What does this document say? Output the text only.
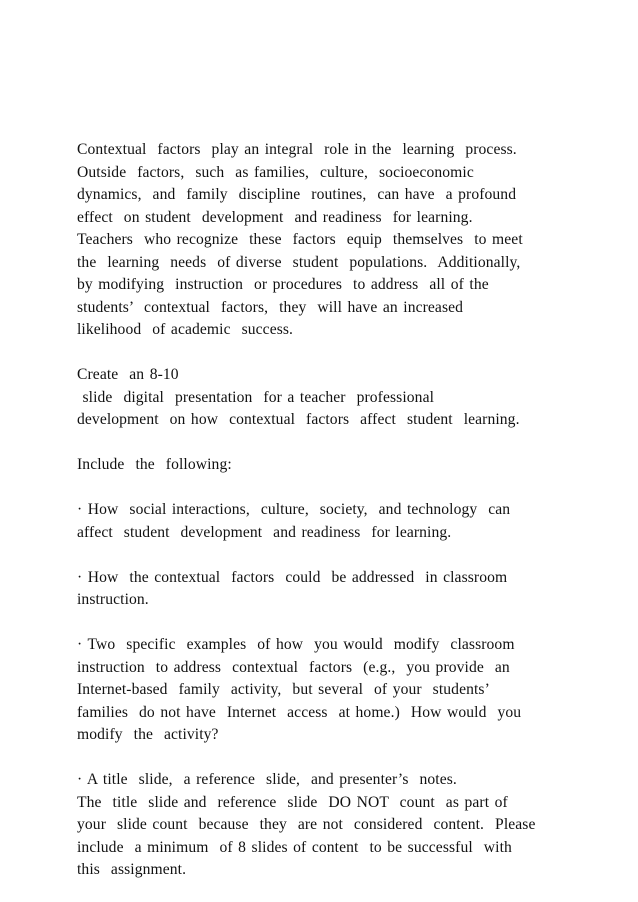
Contextual  factors  play an integral  role in the  learning  process.
Outside  factors,  such  as families,  culture,  socioeconomic
dynamics,  and  family  discipline  routines,  can have  a profound
effect  on student  development  and readiness  for learning.
Teachers  who recognize  these  factors  equip  themselves  to meet
the  learning  needs  of diverse  student  populations.  Additionally,
by modifying  instruction  or procedures  to address  all of the
students’  contextual  factors,  they  will have an increased
likelihood  of academic  success.
Create  an 8-10
slide  digital  presentation  for a teacher  professional
development  on how  contextual  factors  affect  student  learning.
Include  the  following:
· How  social interactions,  culture,  society,  and technology  can
affect  student  development  and readiness  for learning.
· How  the contextual  factors  could  be addressed  in classroom
instruction.
· Two  specific  examples  of how  you would  modify  classroom
instruction  to address  contextual  factors  (e.g.,  you provide  an
Internet-based  family  activity,  but several  of your  students’
families  do not have  Internet  access  at home.)  How would  you
modify  the  activity?
· A title  slide,  a reference  slide,  and presenter’s  notes.
The  title  slide and  reference  slide  DO NOT  count  as part of
your  slide count  because  they  are not  considered  content.  Please
include  a minimum  of 8 slides of content  to be successful  with
this  assignment.
